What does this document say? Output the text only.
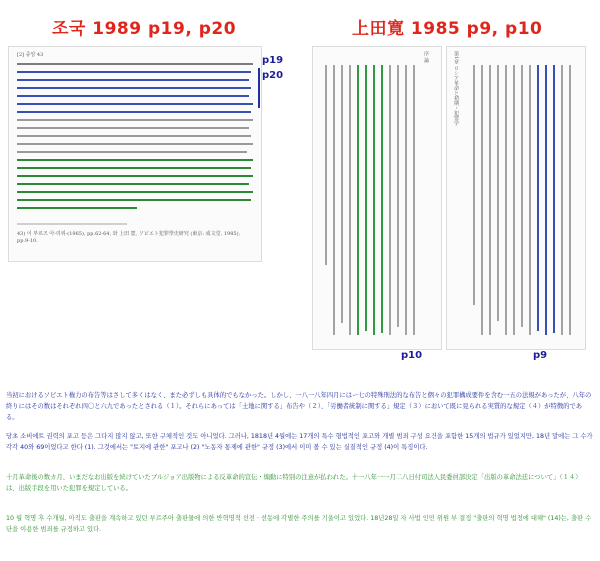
조국 1989 p19, p20	上田寛 1985 p9, p10
[2] 중앙 43
43) 이 부르즈 아-리위-(1965), pp.62-64, 와 上田 寛, ソビエト犯罪學史研究 (東京: 成文堂, 1985), pp.9-10.
p19
p20
序 論	第1章 ロシア革命と初期・犯罪学
p10	p9
当初におけるソビエト権力の布告等はさして多くはなく、また必ずしも具体的でもなかった。しかし、一八一八年四月にはー七の特殊刑法的な布告と個々の犯罪構成要件を含む一五の法規があったが、八年の終りにはその数はそれぞれ四〇と六九であったとされる（１）。それらにあっては「土地に関する」布告や（２）、「労働者統制に関する」規定（３）において既に見られる実質的な規定（４）が特徴的である。
당초 소비에트 권력의 포고 등은 그다지 많지 않고, 또한 구체적인 것도 아니었다. 그러나, 1818년 4월에는 17개의 특수 형법적인 포고와 개별 범죄 구성 요건을 포함한 15개의 법규가 있었지만, 18년 말에는 그 수가 각각 40와 69이었다고 한다 (1). 그것에서는 "토지에 관한" 포고나 (2) "노동자 통제에 관한" 규정 (3)에서 이미 볼 수 있는 실질적인 규정 (4)이 특징이다.
十月革命後の数カ月、いまだなお出版を続けていたブルジョア出版物による反革命的宣伝・煽動に特別の注意が払われた。十一八年一一月二八日付司法人民委員部決定「出版の革命法廷について」（１４）は、出版手段を用いた犯罪を規定している。
10 월 혁명 후 수개월, 아직도 출판을 계속하고 있던 부르주아 출판물에 의한 반혁명적 선전 · 선동에 각별한 주의를 기울이고 있었다. 18년28일 자 사법 인민 위원 부 결정 "출판의 혁명 법정에 대해" (14)는, 출판 수단을 이용한 범죄를 규정하고 있다.
